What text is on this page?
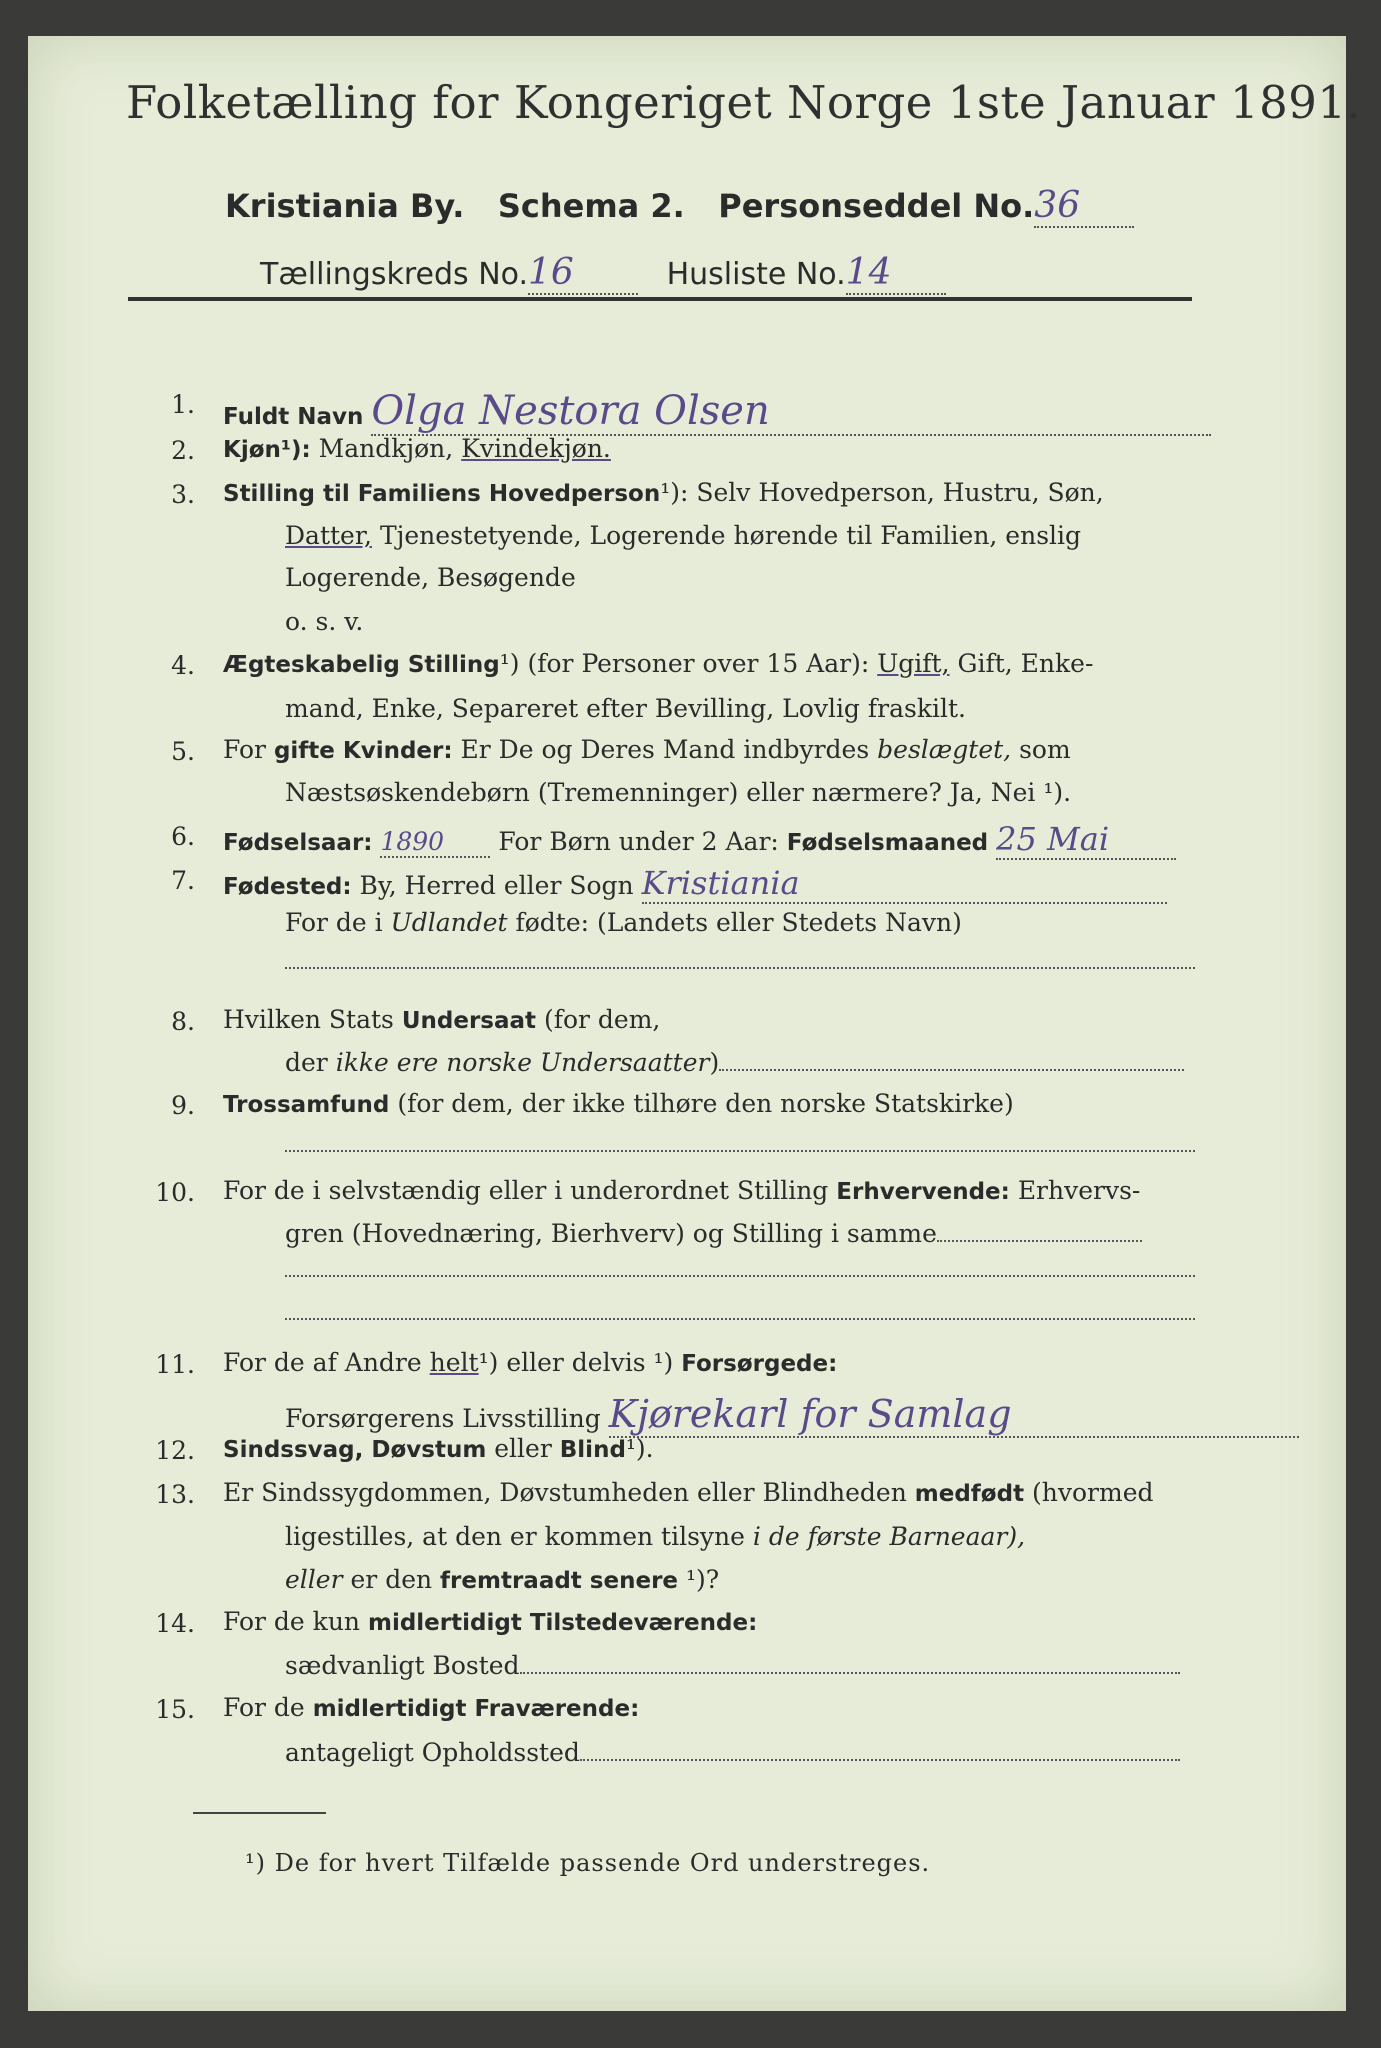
Folketælling for Kongeriget Norge 1ste Januar 1891.
Kristiania By. Schema 2. Personseddel No.36
Tællingskreds No.16	Husliste No.14
1. Fuldt Navn Olga Nestora Olsen
2. Kjøn¹): Mandkjøn, Kvindekjøn.
3. Stilling til Familiens Hovedperson¹): Selv Hovedperson, Hustru, Søn,
Datter, Tjenestetyende, Logerende hørende til Familien, enslig
Logerende, Besøgende
o. s. v.
4. Ægteskabelig Stilling¹) (for Personer over 15 Aar): Ugift, Gift, Enke-
mand, Enke, Separeret efter Bevilling, Lovlig fraskilt.
5. For gifte Kvinder: Er De og Deres Mand indbyrdes beslægtet, som
Næstsøskendebørn (Tremenninger) eller nærmere? Ja, Nei ¹).
6. Fødselsaar: 1890 For Børn under 2 Aar: Fødselsmaaned 25 Mai
7. Fødested: By, Herred eller Sogn Kristiania
For de i Udlandet fødte: (Landets eller Stedets Navn)
8. Hvilken Stats Undersaat (for dem,
der ikke ere norske Undersaatter)
9. Trossamfund (for dem, der ikke tilhøre den norske Statskirke)
10. For de i selvstændig eller i underordnet Stilling Erhvervende: Erhvervs-
gren (Hovednæring, Bierhverv) og Stilling i samme
11. For de af Andre helt¹) eller delvis ¹) Forsørgede:
Forsørgerens Livsstilling Kjørekarl for Samlag
12. Sindssvag, Døvstum eller Blind¹).
13. Er Sindssygdommen, Døvstumheden eller Blindheden medfødt (hvormed
ligestilles, at den er kommen tilsyne i de første Barneaar),
eller er den fremtraadt senere ¹)?
14. For de kun midlertidigt Tilstedeværende:
sædvanligt Bosted
15. For de midlertidigt Fraværende:
antageligt Opholdssted
¹) De for hvert Tilfælde passende Ord understreges.
